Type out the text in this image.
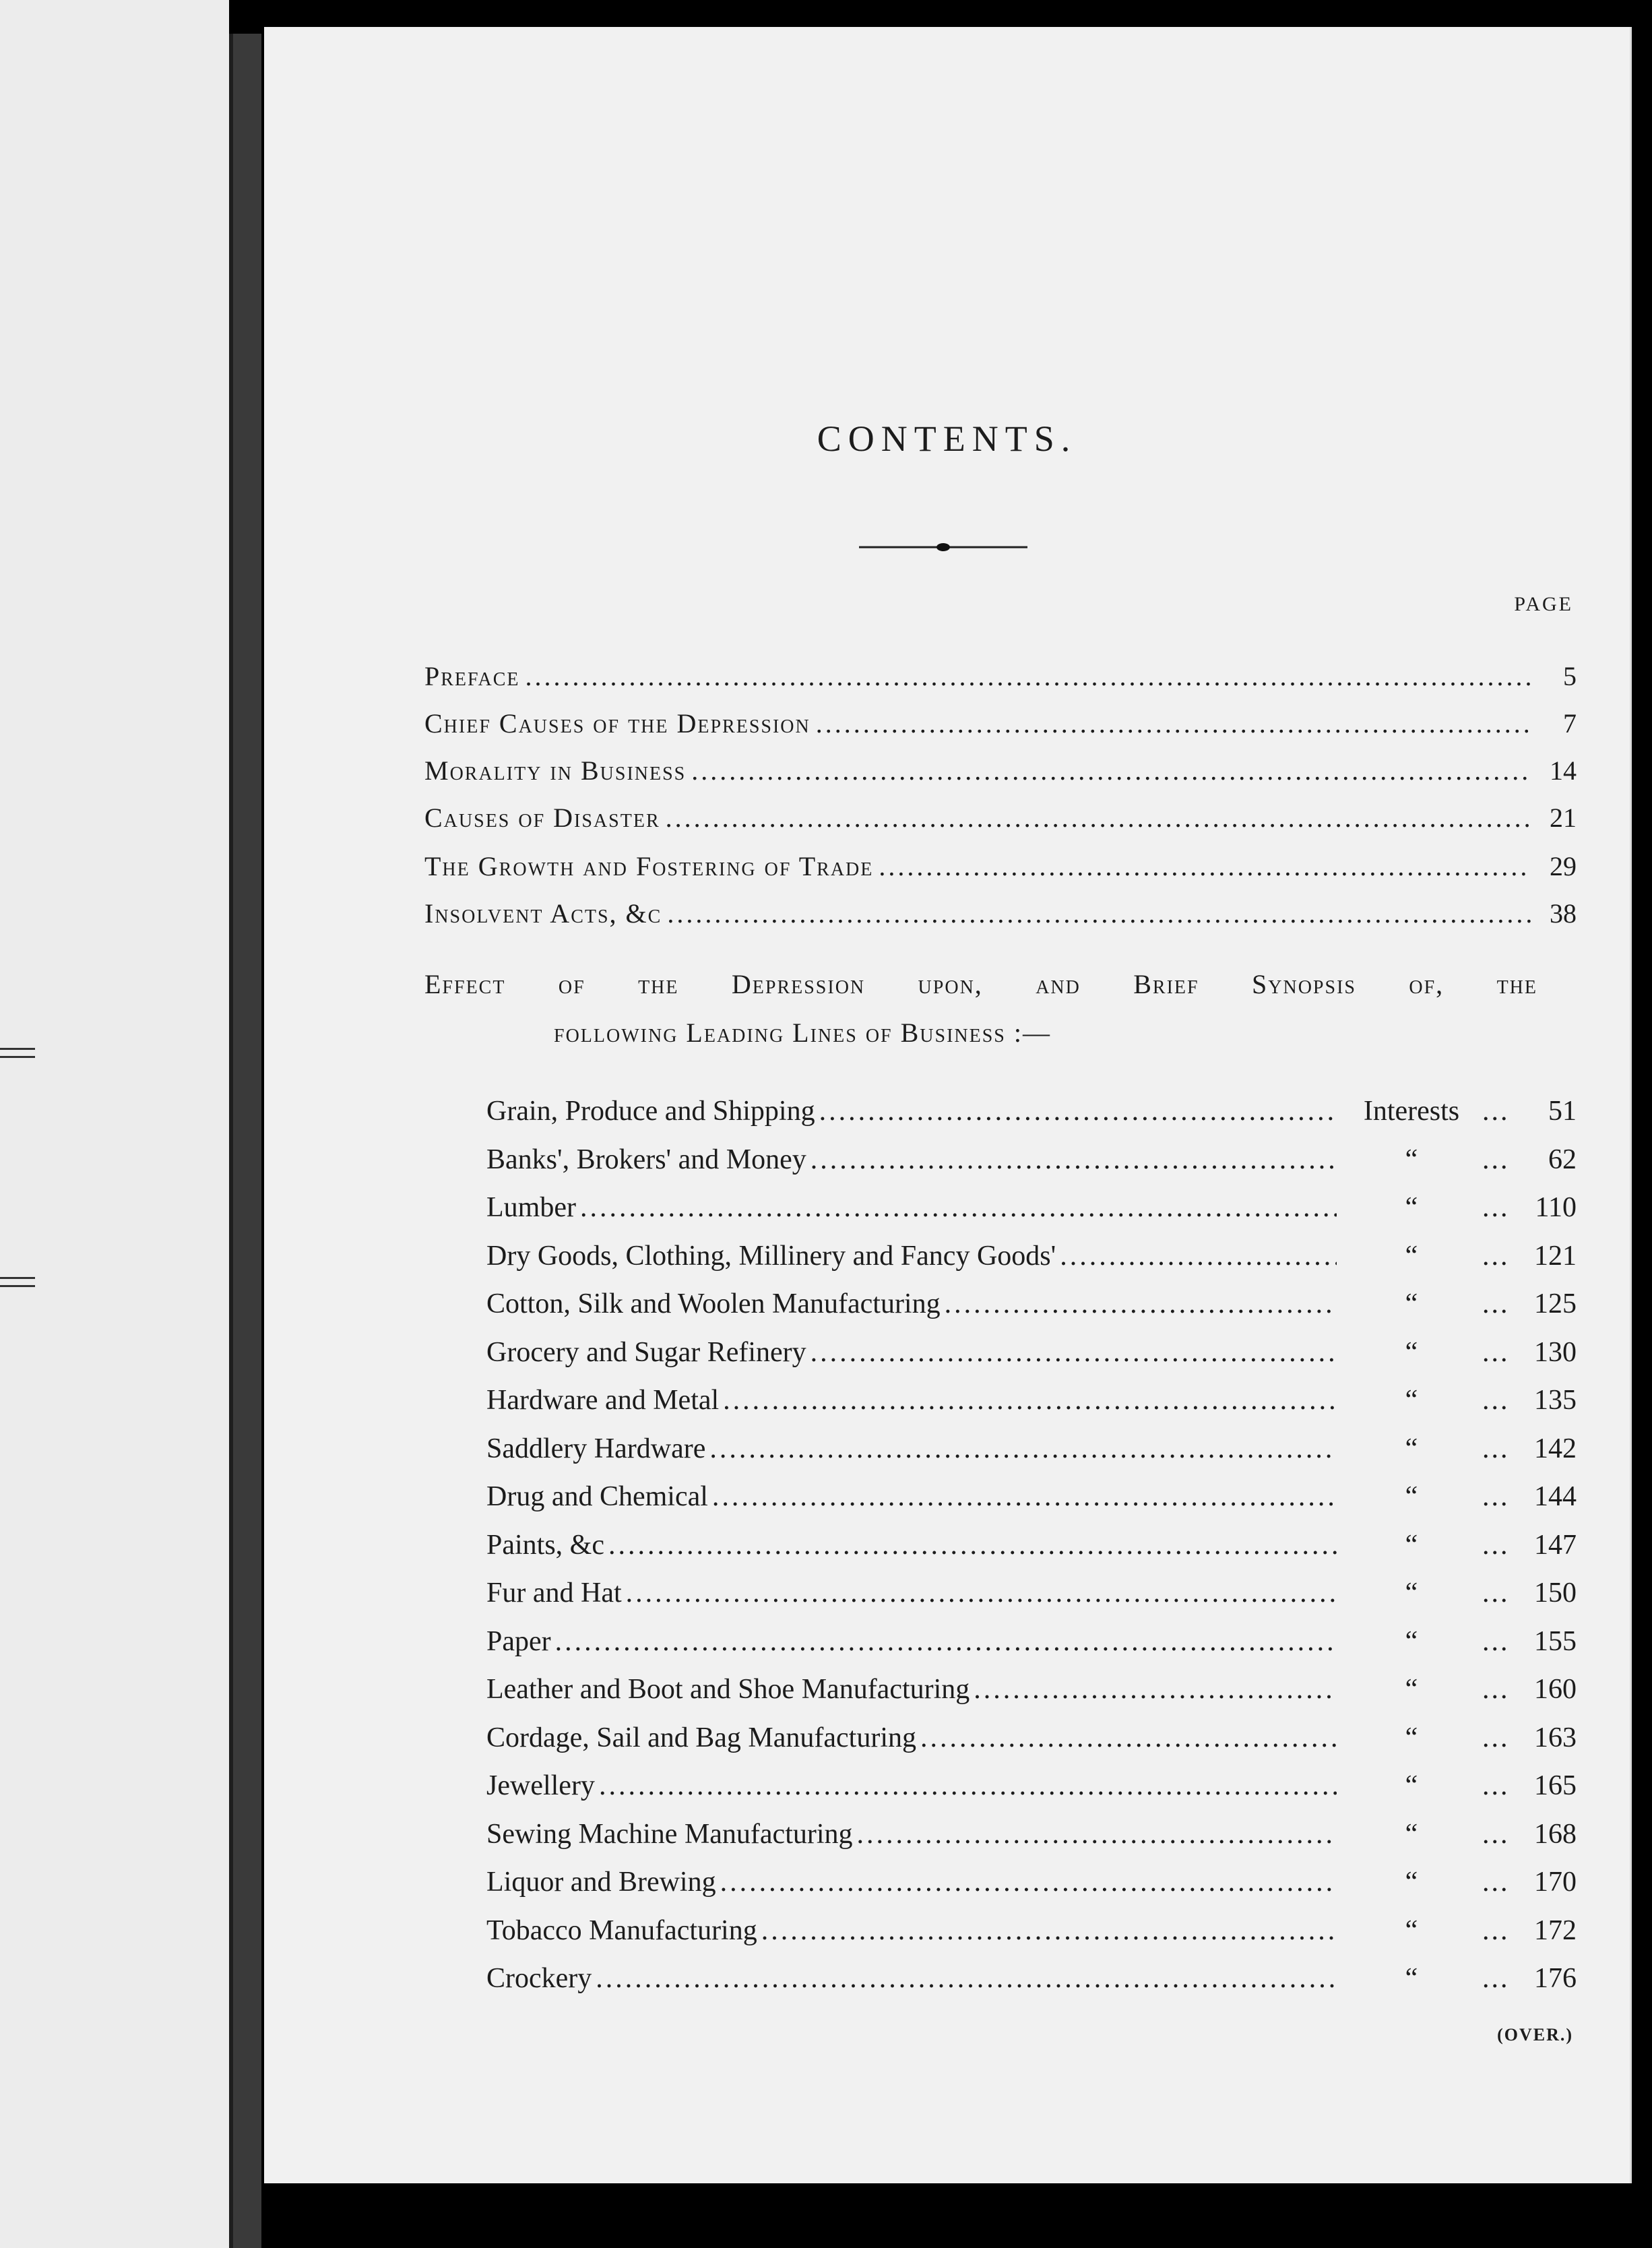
CONTENTS.
PAGE
Preface .....	5
Chief Causes of the Depression .....	7
Morality in Business .....	14
Causes of Disaster .....	21
The Growth and Fostering of Trade .....	29
Insolvent Acts, &c .....	38
Effect of the Depression upon, and Brief Synopsis of, the
following Leading Lines of Business :—
Grain, Produce and Shipping .....	Interests ...	51
Banks', Brokers' and Money .....	“	...	62
Lumber .....	“	... 110
Dry Goods, Clothing, Millinery and Fancy Goods' .....	“	... 121
Cotton, Silk and Woolen Manufacturing .....	“	... 125
Grocery and Sugar Refinery .....	“	... 130
Hardware and Metal .....	“	... 135
Saddlery Hardware .....	“	... 142
Drug and Chemical .....	“	... 144
Paints, &c .....	“	... 147
Fur and Hat .....	“	... 150
Paper .....	“	... 155
Leather and Boot and Shoe Manufacturing .....	“	... 160
Cordage, Sail and Bag Manufacturing .....	“	... 163
Jewellery .....	“	... 165
Sewing Machine Manufacturing .....	“	... 168
Liquor and Brewing .....	“	... 170
Tobacco Manufacturing .....	“	... 172
Crockery .....	“	... 176
(OVER.)
